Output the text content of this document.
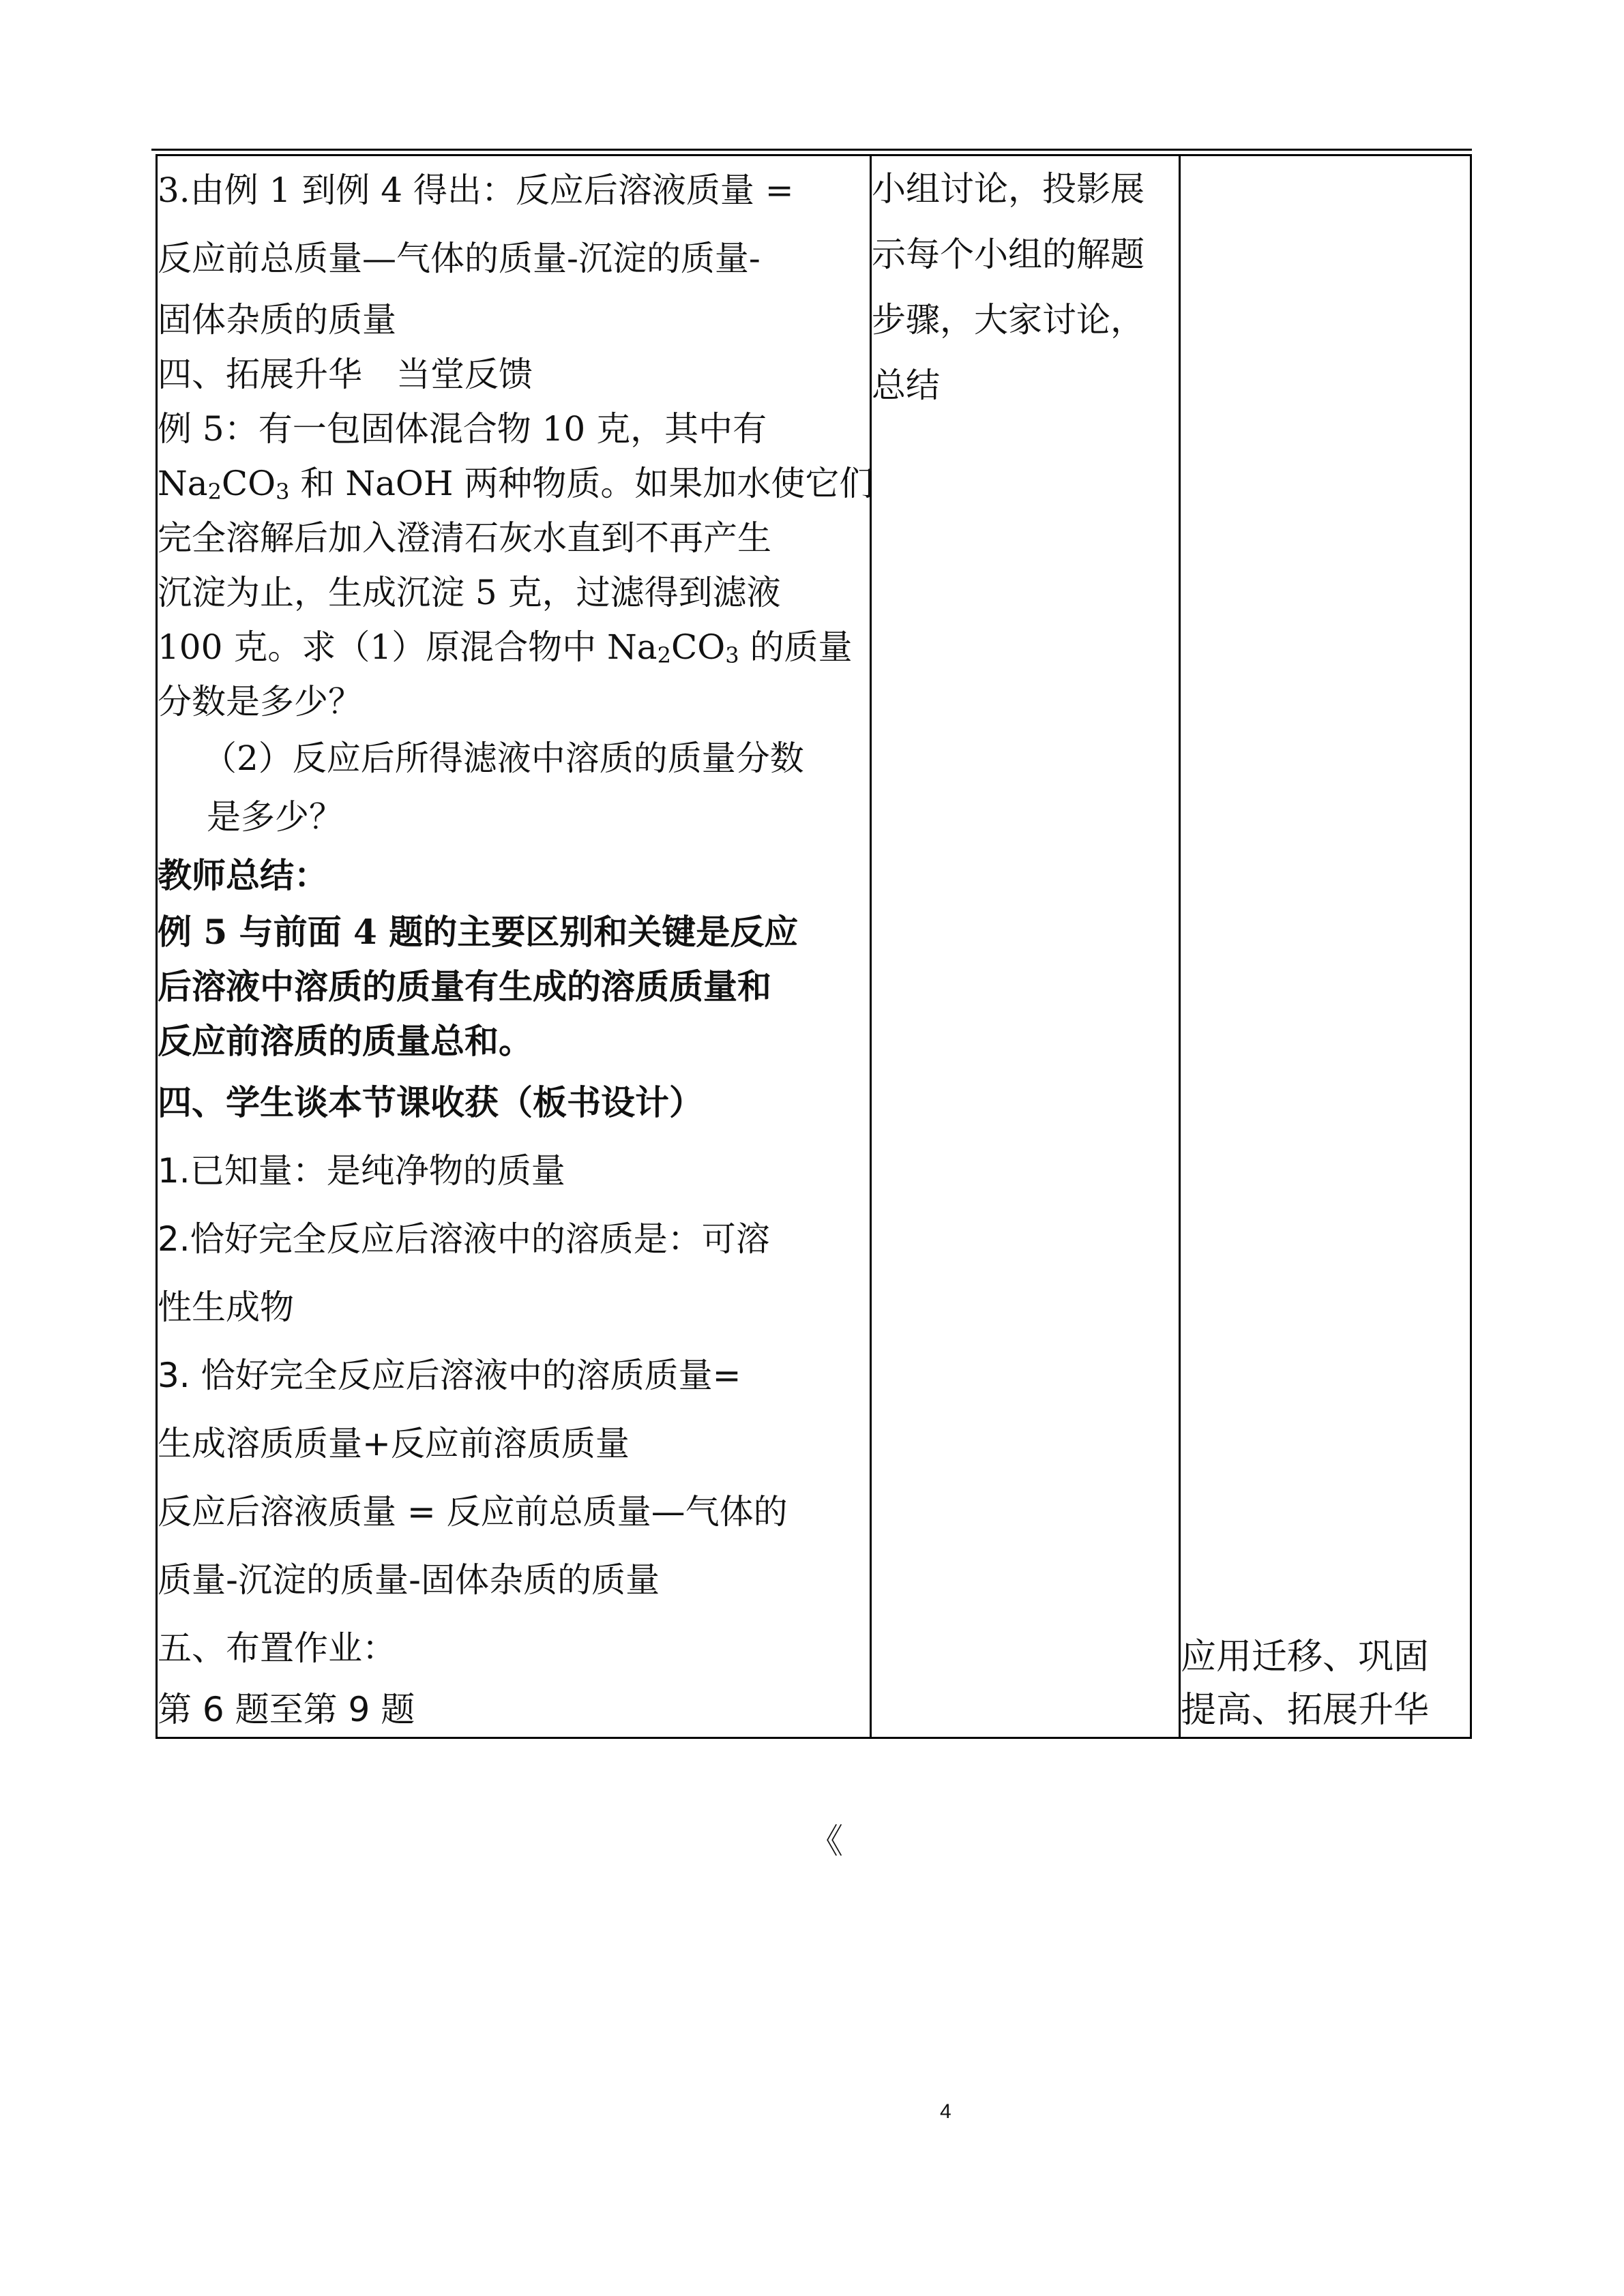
3.由例 1 到例 4 得出：反应后溶液质量 =
反应前总质量—气体的质量-沉淀的质量-
固体杂质的质量
四、拓展升华　当堂反馈
例 5：有一包固体混合物 10 克，其中有
$Na_2CO_3$ 和 NaOH 两种物质。如果加水使它们
完全溶解后加入澄清石灰水直到不再产生
沉淀为止，生成沉淀 5 克，过滤得到滤液
100 克。求（1）原混合物中 $Na_2CO_3$ 的质量
分数是多少？
（2）反应后所得滤液中溶质的质量分数
是多少？
教师总结：
例 5 与前面 4 题的主要区别和关键是反应
后溶液中溶质的质量有生成的溶质质量和
反应前溶质的质量总和。
四、学生谈本节课收获（板书设计）
1.已知量：是纯净物的质量
2.恰好完全反应后溶液中的溶质是：可溶
性生成物
3. 恰好完全反应后溶液中的溶质质量=
生成溶质质量+反应前溶质质量
反应后溶液质量 = 反应前总质量—气体的
质量-沉淀的质量-固体杂质的质量
五、布置作业：
第 6 题至第 9 题

小组讨论，投影展
示每个小组的解题
步骤，大家讨论，
总结

应用迁移、巩固
提高、拓展升华
《
4
